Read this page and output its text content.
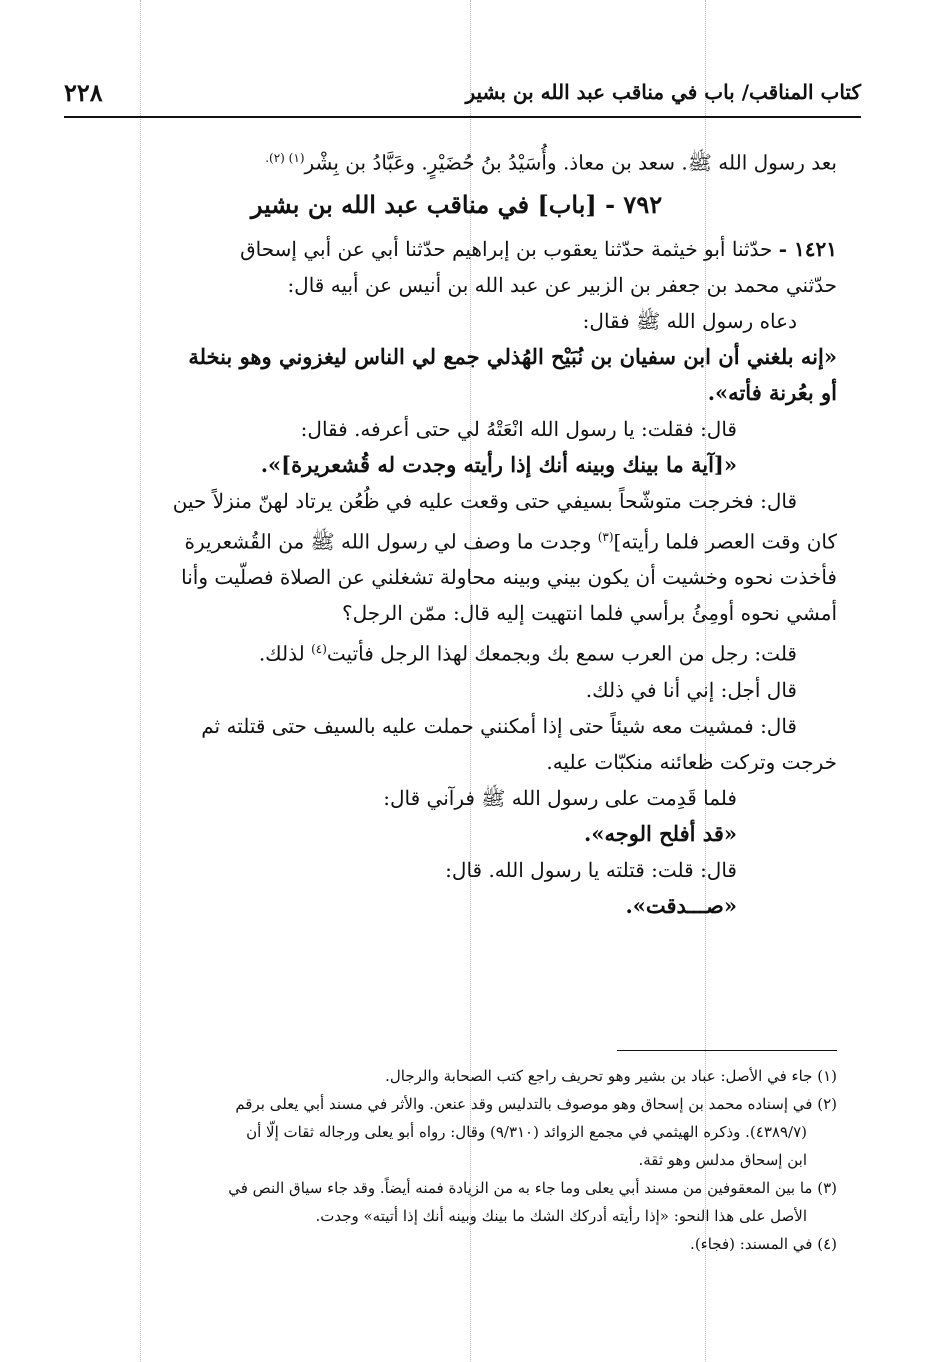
كتاب المناقب/ باب في مناقب عبد الله بن بشير
٢٢٨

بعد رسول الله ﷺ. سعد بن معاذ. وأُسَيْدُ بنُ حُضَيْرٍ. وعَبَّادُ بن بِشْر$^{(١) (٢).}$

٧٩٢ - [باب] في مناقب عبد الله بن بشير

١٤٢١ - حدّثنا أبو خيثمة حدّثنا يعقوب بن إبراهيم حدّثنا أبي عن أبي إسحاق

حدّثني محمد بن جعفر بن الزبير عن عبد الله بن أنيس عن أبيه قال:

دعاه رسول الله ﷺ فقال:

«إنه بلغني أن ابن سفيان بن نُبَيْح الهُذلي جمع لي الناس ليغزوني وهو بنخلة

أو بعُرنة فأته».

قال: فقلت: يا رسول الله انْعَتْهُ لي حتى أعرفه. فقال:

«[آية ما بينك وبينه أنك إذا رأيته وجدت له قُشعريرة]».

قال: فخرجت متوشّحاً بسيفي حتى وقعت عليه في ظُعُن يرتاد لهنّ منزلاً حين

كان وقت العصر فلما رأيته]$^{(٣)}$ وجدت ما وصف لي رسول الله ﷺ من القُشعريرة

فأخذت نحوه وخشيت أن يكون بيني وبينه محاولة تشغلني عن الصلاة فصلّيت وأنا

أمشي نحوه أومِئُ برأسي فلما انتهيت إليه قال: ممّن الرجل؟

قلت: رجل من العرب سمع بك وبجمعك لهذا الرجل فأتيت$^{(٤)}$ لذلك.

قال أجل: إني أنا في ذلك.

قال: فمشيت معه شيئاً حتى إذا أمكنني حملت عليه بالسيف حتى قتلته ثم

خرجت وتركت ظعائنه منكبّات عليه.

فلما قَدِمت على رسول الله ﷺ فرآني قال:

«قد أفلح الوجه».

قال: قلت: قتلته يا رسول الله. قال:

«صـــدقت».

(١) جاء في الأصل: عباد بن بشير وهو تحريف راجع كتب الصحابة والرجال.

(٢) في إسناده محمد بن إسحاق وهو موصوف بالتدليس وقد عنعن. والأثر في مسند أبي يعلى برقم

(٤٣٨٩/٧). وذكره الهيثمي في مجمع الزوائد (٩/٣١٠) وقال: رواه أبو يعلى ورجاله ثقات إلّا أن

ابن إسحاق مدلس وهو ثقة.

(٣) ما بين المعقوفين من مسند أبي يعلى وما جاء به من الزيادة فمنه أيضاً. وقد جاء سياق النص في

الأصل على هذا النحو: «إذا رأيته أدركك الشك ما بينك وبينه أنك إذا أتيته» وجدت.

(٤) في المسند: (فجاء).
